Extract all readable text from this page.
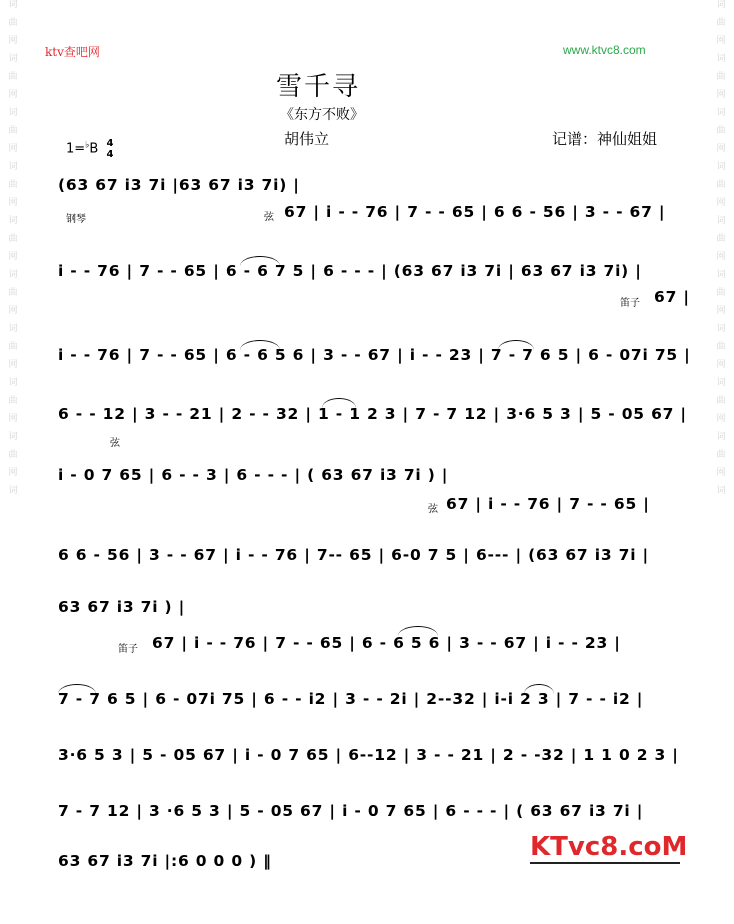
词
曲
网
词
曲
网
词
曲
网
词
曲
网
词
曲
网
词
曲
网
词
曲
网
词
曲
网
词
曲
网
词
词
曲
网
词
曲
网
词
曲
网
词
曲
网
词
曲
网
词
曲
网
词
曲
网
词
曲
网
词
曲
网
词
ktv查吧网	www.ktvc8.com
雪千寻
《东方不败》
胡伟立	记谱：神仙姐姐
1=♭B 4
4
(63 67 i3 7i |63 67 i3 7i) |
钢琴	弦 67 | i - - 76 | 7 - - 65 | 6 6 - 56 | 3 - - 67 |
i - - 76 | 7 - - 65 | 6 - 6 7 5 | 6 - - - | (63 67 i3 7i | 63 67 i3 7i) |
笛子 67 |
i - - 76 | 7 - - 65 | 6 - 6 5 6 | 3 - - 67 | i - - 23 | 7 - 7 6 5 | 6 - 07i 75 |
6 - - 12 | 3 - - 21 | 2 - - 32 | 1 - 1 2 3 | 7 - 7 12 | 3·6 5 3 | 5 - 05 67 |
弦
i - 0 7 65 | 6 - - 3 | 6 - - - | ( 63 67 i3 7i ) |
弦 67 | i - - 76 | 7 - - 65 |
6 6 - 56 | 3 - - 67 | i - - 76 | 7-- 65 | 6-0 7 5 | 6--- | (63 67 i3 7i |
63 67 i3 7i ) |
笛子 67 | i - - 76 | 7 - - 65 | 6 - 6 5 6 | 3 - - 67 | i - - 23 |
7 - 7 6 5 | 6 - 07i 75 | 6 - - i2 | 3 - - 2i | 2--32 | i-i 2 3 | 7 - - i2 |
3·6 5 3 | 5 - 05 67 | i - 0 7 65 | 6--12 | 3 - - 21 | 2 - -32 | 1 1 0 2 3 |
7 - 7 12 | 3 ·6 5 3 | 5 - 05 67 | i - 0 7 65 | 6 - - - | ( 63 67 i3 7i |
63 67 i3 7i |:6 0 0 0 ) ‖	KTvc8.coM
